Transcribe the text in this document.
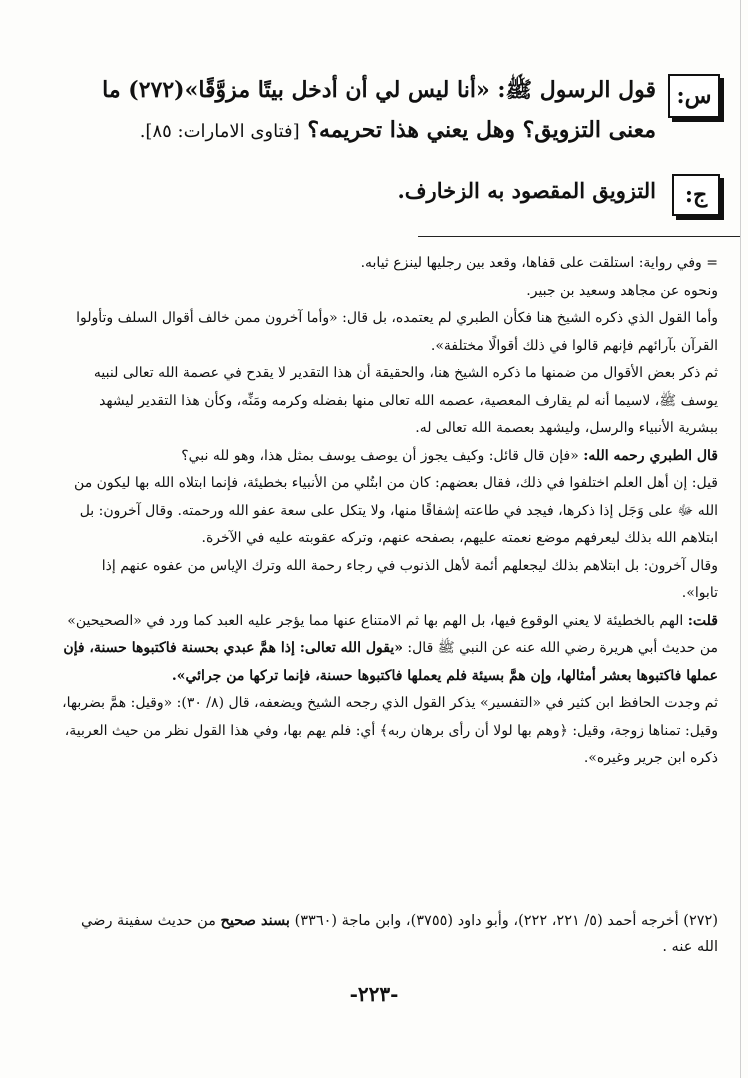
س:
قول الرسول ﷺ: «أنا ليس لي أن أدخل بيتًا مزوَّقًا»(٢٧٢) ما معنى التزويق؟ وهل يعني هذا تحريمه؟ [فتاوى الامارات: ٨٥].
ج:
التزويق المقصود به الزخارف.

= وفي رواية: استلقت على قفاها، وقعد بين رجليها لينزع ثيابه.

ونحوه عن مجاهد وسعيد بن جبير.

وأما القول الذي ذكره الشيخ هنا فكأن الطبري لم يعتمده، بل قال: «وأما آخرون ممن خالف أقوال السلف وتأولوا القرآن بآرائهم فإنهم قالوا في ذلك أقوالًا مختلفة».

ثم ذكر بعض الأقوال من ضمنها ما ذكره الشيخ هنا، والحقيقة أن هذا التقدير لا يقدح في عصمة الله تعالى لنبيه يوسف ﷺ، لاسيما أنه لم يقارف المعصية، عصمه الله تعالى منها بفضله وكرمه ومَنِّه، وكأن هذا التقدير ليشهد ببشرية الأنبياء والرسل، وليشهد بعصمة الله تعالى له.

قال الطبري رحمه الله: «فإن قال قائل: وكيف يجوز أن يوصف يوسف بمثل هذا، وهو لله نبي؟

قيل: إن أهل العلم اختلفوا في ذلك، فقال بعضهم: كان من ابتُلي من الأنبياء بخطيئة، فإنما ابتلاه الله بها ليكون من الله ﷻ على وَجَل إذا ذكرها، فيجد في طاعته إشفاقًا منها، ولا يتكل على سعة عفو الله ورحمته. وقال آخرون: بل ابتلاهم الله بذلك ليعرفهم موضع نعمته عليهم، بصفحه عنهم، وتركه عقوبته عليه في الآخرة.

وقال آخرون: بل ابتلاهم بذلك ليجعلهم أئمة لأهل الذنوب في رجاء رحمة الله وترك الإياس من عفوه عنهم إذا تابوا».

قلت: الهم بالخطيئة لا يعني الوقوع فيها، بل الهم بها ثم الامتناع عنها مما يؤجر عليه العبد كما ورد في «الصحيحين» من حديث أبي هريرة رضي الله عنه عن النبي ﷺ قال: «يقول الله تعالى: إذا همَّ عبدي بحسنة فاكتبوها حسنة، فإن عملها فاكتبوها بعشر أمثالها، وإن همَّ بسيئة فلم يعملها فاكتبوها حسنة، فإنما تركها من جرائي».

ثم وجدت الحافظ ابن كثير في «التفسير» يذكر القول الذي رجحه الشيخ ويضعفه، قال (٨/ ٣٠): «وقيل: همَّ بضربها، وقيل: تمناها زوجة، وقيل: ﴿وهم بها لولا أن رأى برهان ربه﴾ أي: فلم يهم بها، وفي هذا القول نظر من حيث العربية، ذكره ابن جرير وغيره».

(٢٧٢) أخرجه أحمد (٥/ ٢٢١، ٢٢٢)، وأبو داود (٣٧٥٥)، وابن ماجة (٣٣٦٠) بسند صحيح من حديث سفينة رضي الله عنه .

-٢٢٣-
